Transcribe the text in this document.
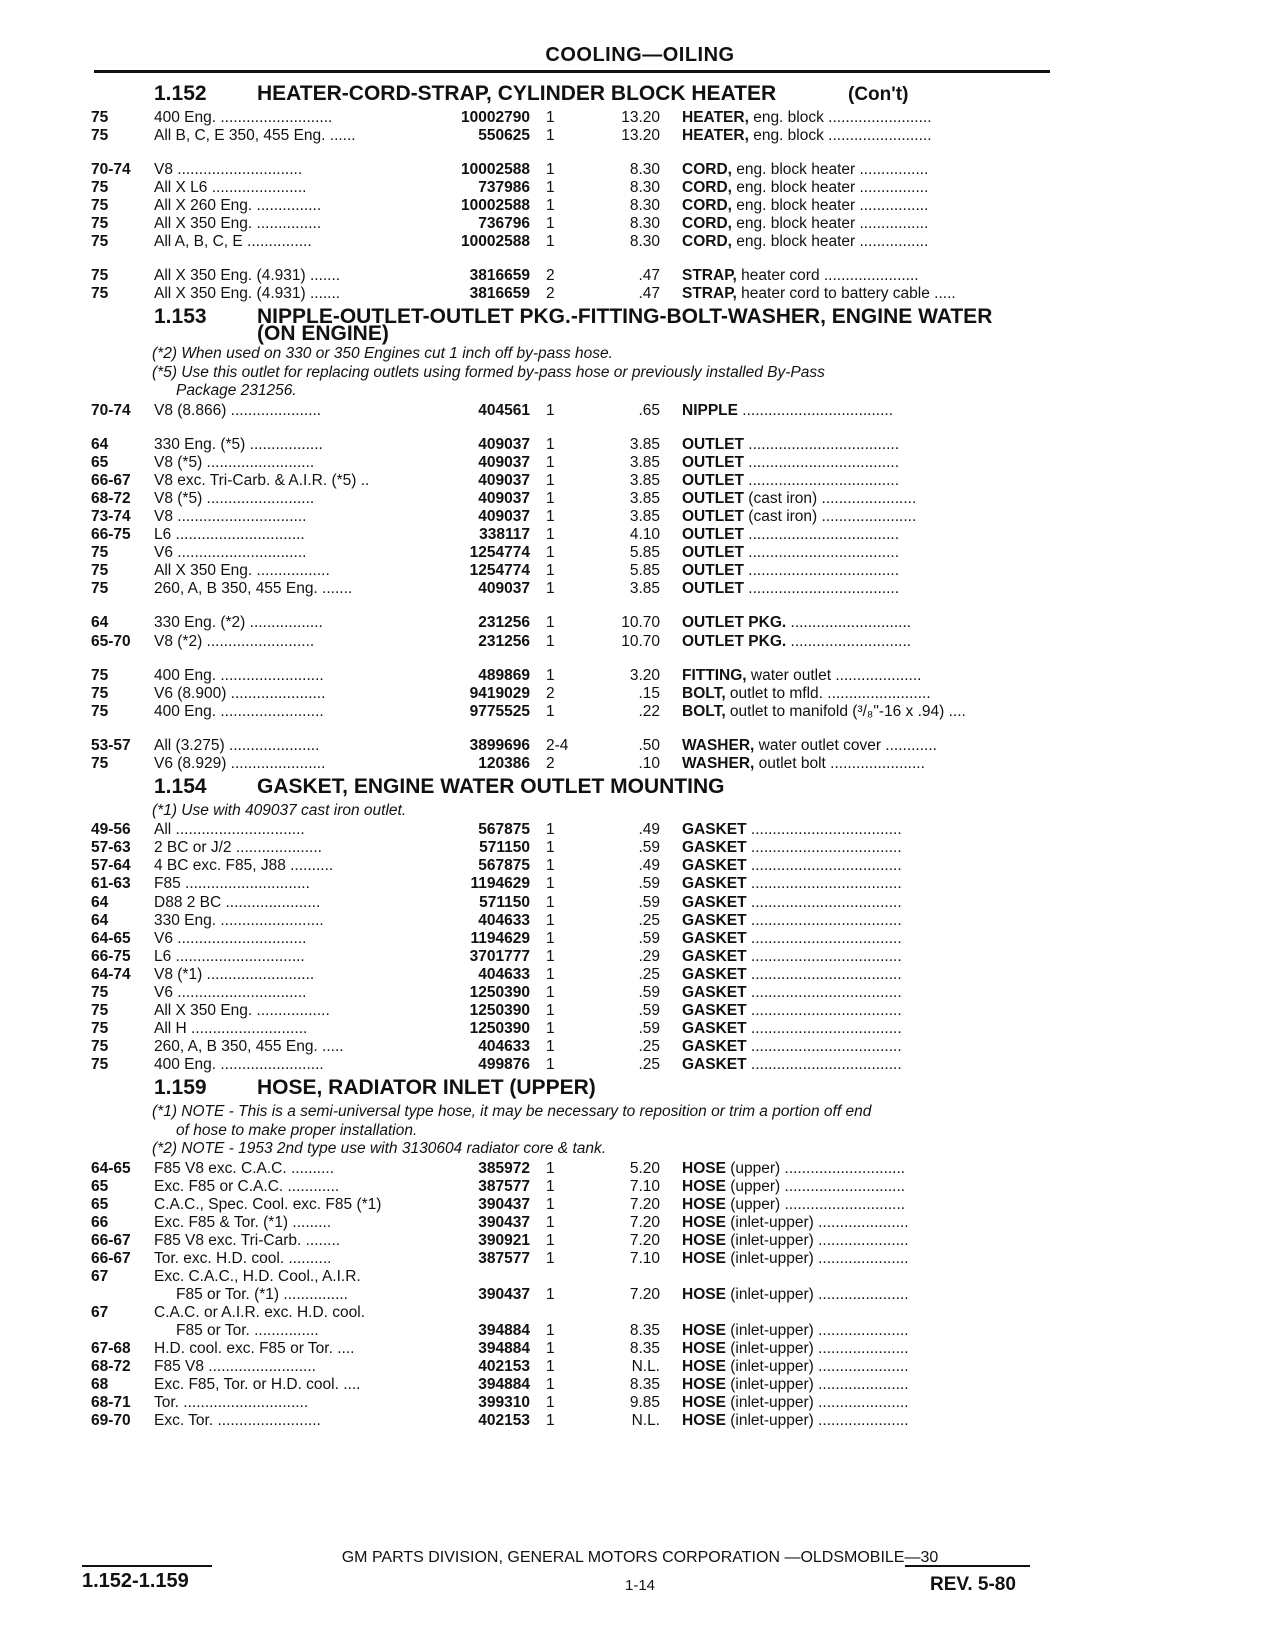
COOLING—OILING
1.152 HEATER-CORD-STRAP, CYLINDER BLOCK HEATER	(Con't)
75	400 Eng. ..........................	10002790 1	13.20 HEATER, eng. block ........................
75	All B, C, E 350, 455 Eng. ......	550625 1	13.20 HEATER, eng. block ........................
70-74	V8 .............................	10002588 1	8.30 CORD, eng. block heater ................
75	All X L6 ......................	737986 1	8.30 CORD, eng. block heater ................
75	All X 260 Eng. ...............	10002588 1	8.30 CORD, eng. block heater ................
75	All X 350 Eng. ...............	736796 1	8.30 CORD, eng. block heater ................
75	All A, B, C, E ...............	10002588 1	8.30 CORD, eng. block heater ................
75	All X 350 Eng. (4.931) .......	3816659 2	.47 STRAP, heater cord ......................
75	All X 350 Eng. (4.931) .......	3816659 2	.47 STRAP, heater cord to battery cable .....
1.153 NIPPLE-OUTLET-OUTLET PKG.-FITTING-BOLT-WASHER, ENGINE WATER
(ON ENGINE)
(*2) When used on 330 or 350 Engines cut 1 inch off by-pass hose.
(*5) Use this outlet for replacing outlets using formed by-pass hose or previously installed By-Pass
Package 231256.
70-74	V8 (8.866) .....................	404561 1	.65 NIPPLE ...................................
64	330 Eng. (*5) .................	409037 1	3.85 OUTLET ...................................
65	V8 (*5) .........................	409037 1	3.85 OUTLET ...................................
66-67	V8 exc. Tri-Carb. & A.I.R. (*5) ..	409037 1	3.85 OUTLET ...................................
68-72	V8 (*5) .........................	409037 1	3.85 OUTLET (cast iron) ......................
73-74	V8 ..............................	409037 1	3.85 OUTLET (cast iron) ......................
66-75	L6 ..............................	338117 1	4.10 OUTLET ...................................
75	V6 ..............................	1254774 1	5.85 OUTLET ...................................
75	All X 350 Eng. .................	1254774 1	5.85 OUTLET ...................................
75	260, A, B 350, 455 Eng. .......	409037 1	3.85 OUTLET ...................................
64	330 Eng. (*2) .................	231256 1	10.70 OUTLET PKG. ............................
65-70	V8 (*2) .........................	231256 1	10.70 OUTLET PKG. ............................
75	400 Eng. ........................	489869 1	3.20 FITTING, water outlet ....................
75	V6 (8.900) ......................	9419029 2	.15 BOLT, outlet to mfld. ........................
75	400 Eng. ........................	9775525 1	.22 BOLT, outlet to manifold (³/₈"-16 x .94) ....
53-57	All (3.275) .....................	3899696 2-4	.50 WASHER, water outlet cover ............
75	V6 (8.929) ......................	120386 2	.10 WASHER, outlet bolt ......................
1.154 GASKET, ENGINE WATER OUTLET MOUNTING
(*1) Use with 409037 cast iron outlet.
49-56	All ..............................	567875 1	.49 GASKET ...................................
57-63	2 BC or J/2 ....................	571150 1	.59 GASKET ...................................
57-64	4 BC exc. F85, J88 ..........	567875 1	.49 GASKET ...................................
61-63	F85 .............................	1194629 1	.59 GASKET ...................................
64	D88 2 BC ......................	571150 1	.59 GASKET ...................................
64	330 Eng. ........................	404633 1	.25 GASKET ...................................
64-65	V6 ..............................	1194629 1	.59 GASKET ...................................
66-75	L6 ..............................	3701777 1	.29 GASKET ...................................
64-74	V8 (*1) .........................	404633 1	.25 GASKET ...................................
75	V6 ..............................	1250390 1	.59 GASKET ...................................
75	All X 350 Eng. .................	1250390 1	.59 GASKET ...................................
75	All H ...........................	1250390 1	.59 GASKET ...................................
75	260, A, B 350, 455 Eng. .....	404633 1	.25 GASKET ...................................
75	400 Eng. ........................	499876 1	.25 GASKET ...................................
1.159 HOSE, RADIATOR INLET (UPPER)
(*1) NOTE - This is a semi-universal type hose, it may be necessary to reposition or trim a portion off end
of hose to make proper installation.
(*2) NOTE - 1953 2nd type use with 3130604 radiator core & tank.
64-65	F85 V8 exc. C.A.C. ..........	385972 1	5.20 HOSE (upper) ............................
65	Exc. F85 or C.A.C. ............	387577 1	7.10 HOSE (upper) ............................
65	C.A.C., Spec. Cool. exc. F85 (*1)	390437 1	7.20 HOSE (upper) ............................
66	Exc. F85 & Tor. (*1) .........	390437 1	7.20 HOSE (inlet-upper) .....................
66-67	F85 V8 exc. Tri-Carb. ........	390921 1	7.20 HOSE (inlet-upper) .....................
66-67	Tor. exc. H.D. cool. ..........	387577 1	7.10 HOSE (inlet-upper) .....................
67	Exc. C.A.C., H.D. Cool., A.I.R.
F85 or Tor. (*1) ...............	390437 1	7.20 HOSE (inlet-upper) .....................
67	C.A.C. or A.I.R. exc. H.D. cool.
F85 or Tor. ...............	394884 1	8.35 HOSE (inlet-upper) .....................
67-68	H.D. cool. exc. F85 or Tor. ....	394884 1	8.35 HOSE (inlet-upper) .....................
68-72	F85 V8 .........................	402153 1	N.L. HOSE (inlet-upper) .....................
68	Exc. F85, Tor. or H.D. cool. ....	394884 1	8.35 HOSE (inlet-upper) .....................
68-71	Tor. .............................	399310 1	9.85 HOSE (inlet-upper) .....................
69-70	Exc. Tor. ........................	402153 1	N.L. HOSE (inlet-upper) .....................
GM PARTS DIVISION, GENERAL MOTORS CORPORATION —OLDSMOBILE—30
1.152-1.159	1-14	REV. 5-80
